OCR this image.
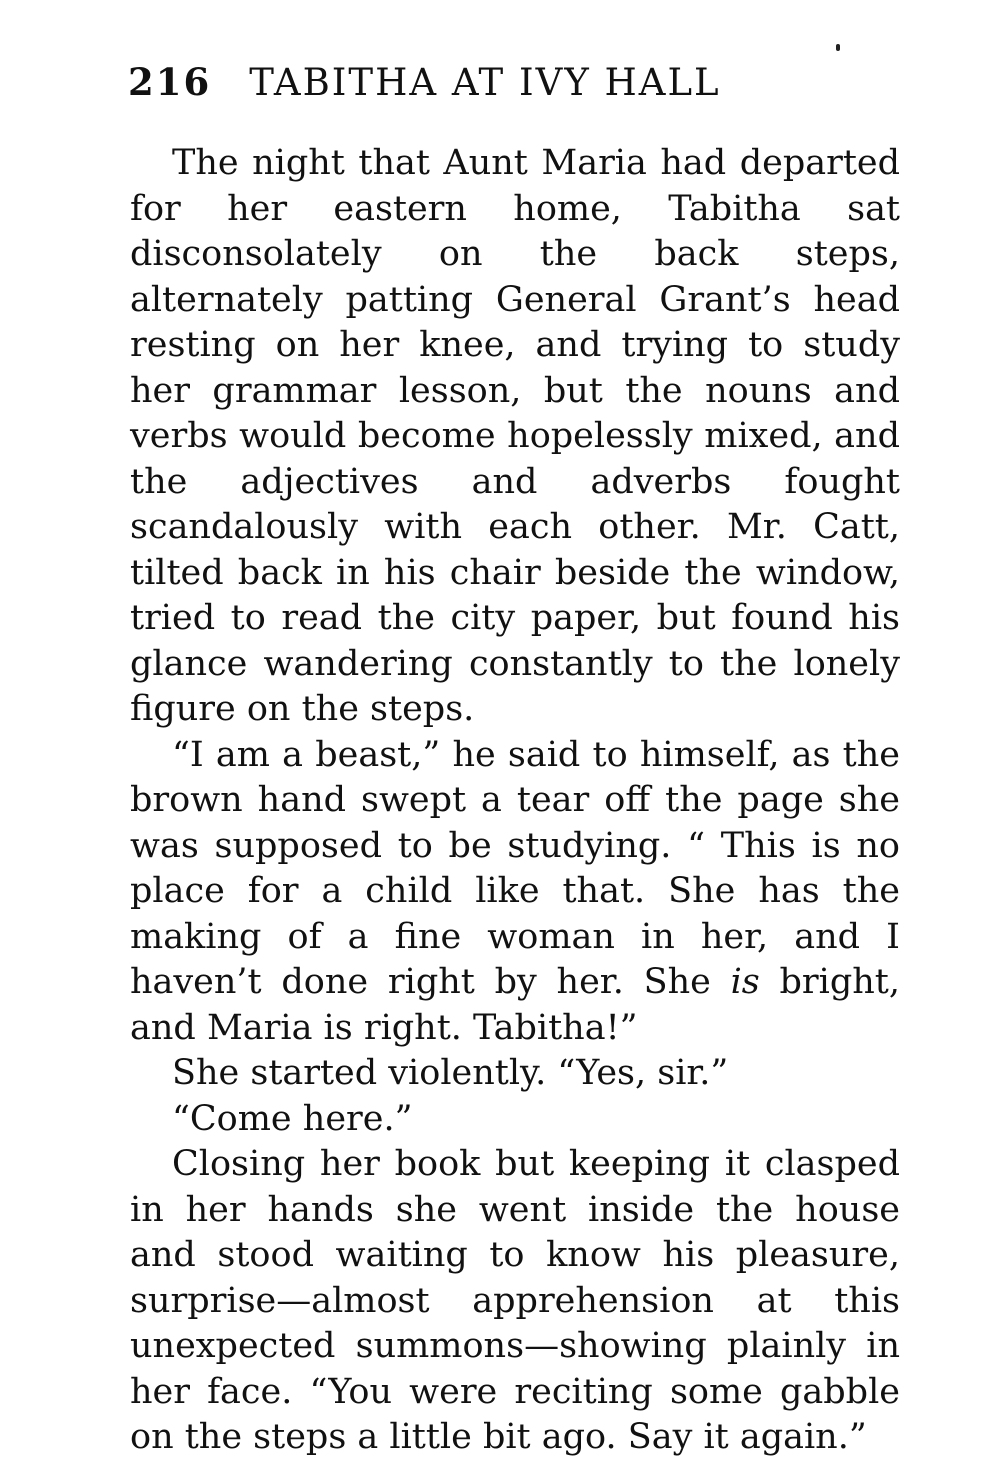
216 TABITHA AT IVY HALL

The night that Aunt Maria had departed for her eastern home, Tabitha sat disconsolately on the back steps, alternately patting General Grant’s head resting on her knee, and trying to study her grammar lesson, but the nouns and verbs would become hopelessly mixed, and the adjectives and adverbs fought scandalously with each other. Mr. Catt, tilted back in his chair beside the window, tried to read the city paper, but found his glance wandering constantly to the lonely figure on the steps.

“I am a beast,” he said to himself, as the brown hand swept a tear off the page she was supposed to be studying. “ This is no place for a child like that. She has the making of a fine woman in her, and I haven’t done right by her. She is bright, and Maria is right. Tabitha!”

She started violently. “Yes, sir.”

“Come here.”

Closing her book but keeping it clasped in her hands she went inside the house and stood waiting to know his pleasure, surprise—almost apprehension at this unexpected summons—showing plainly in her face. “You were reciting some gabble on the steps a little bit ago. Say it again.”
